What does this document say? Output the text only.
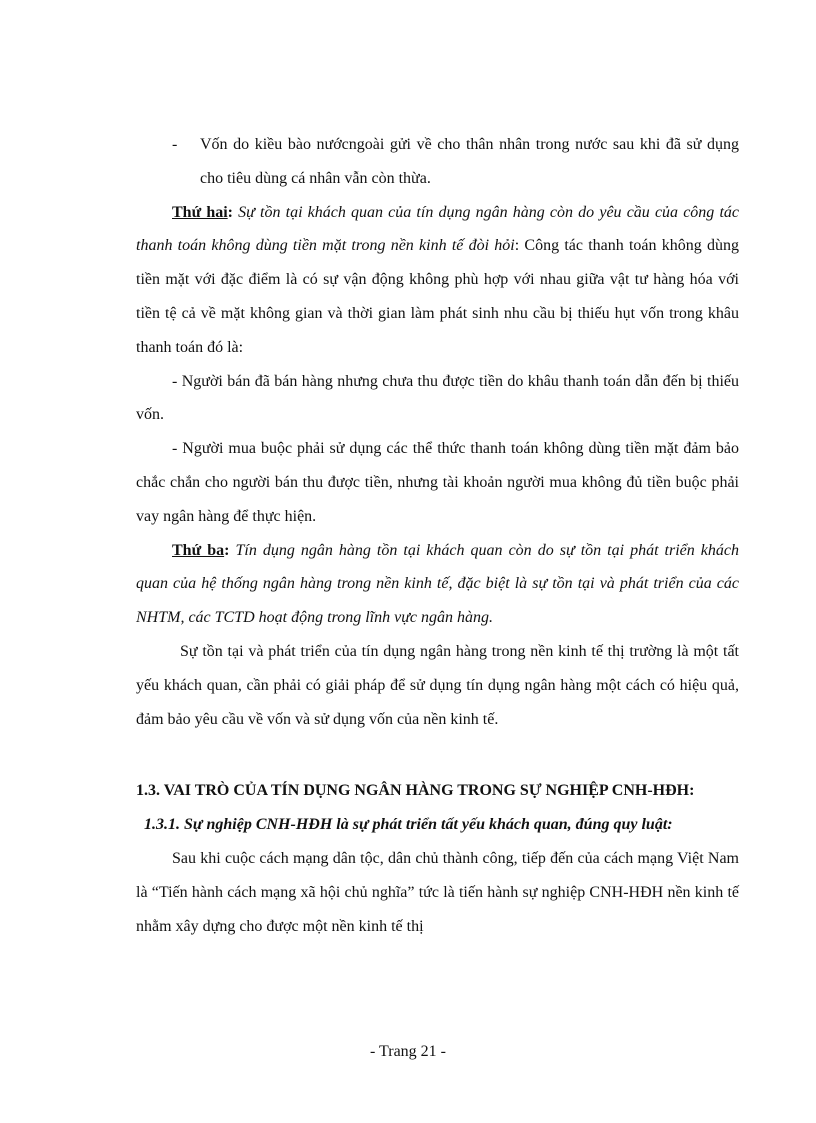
- Vốn do kiều bào nướcngoài gửi về cho thân nhân trong nước sau khi đã sử dụng cho tiêu dùng cá nhân vẫn còn thừa.

Thứ hai: Sự tồn tại khách quan của tín dụng ngân hàng còn do yêu cầu của công tác thanh toán không dùng tiền mặt trong nền kinh tế đòi hỏi: Công tác thanh toán không dùng tiền mặt với đặc điểm là có sự vận động không phù hợp với nhau giữa vật tư hàng hóa với tiền tệ cả về mặt không gian và thời gian làm phát sinh nhu cầu bị thiếu hụt vốn trong khâu thanh toán đó là:

- Người bán đã bán hàng nhưng chưa thu được tiền do khâu thanh toán dẫn đến bị thiếu vốn.

- Người mua buộc phải sử dụng các thể thức thanh toán không dùng tiền mặt đảm bảo chắc chắn cho người bán thu được tiền, nhưng tài khoản người mua không đủ tiền buộc phải vay ngân hàng để thực hiện.

Thứ ba: Tín dụng ngân hàng tồn tại khách quan còn do sự tồn tại phát triển khách quan của hệ thống ngân hàng trong nền kinh tế, đặc biệt là sự tồn tại và phát triển của các NHTM, các TCTD hoạt động trong lĩnh vực ngân hàng.

Sự tồn tại và phát triển của tín dụng ngân hàng trong nền kinh tế thị trường là một tất yếu khách quan, cần phải có giải pháp để sử dụng tín dụng ngân hàng một cách có hiệu quả, đảm bảo yêu cầu về vốn và sử dụng vốn của nền kinh tế.

1.3. VAI TRÒ CỦA TÍN DỤNG NGÂN HÀNG TRONG SỰ NGHIỆP CNH-HĐH:

1.3.1. Sự nghiệp CNH-HĐH là sự phát triển tất yếu khách quan, đúng quy luật:

Sau khi cuộc cách mạng dân tộc, dân chủ thành công, tiếp đến của cách mạng Việt Nam là “Tiến hành cách mạng xã hội chủ nghĩa” tức là tiến hành sự nghiệp CNH-HĐH nền kinh tế nhằm xây dựng cho được một nền kinh tế thị

- Trang 21 -
